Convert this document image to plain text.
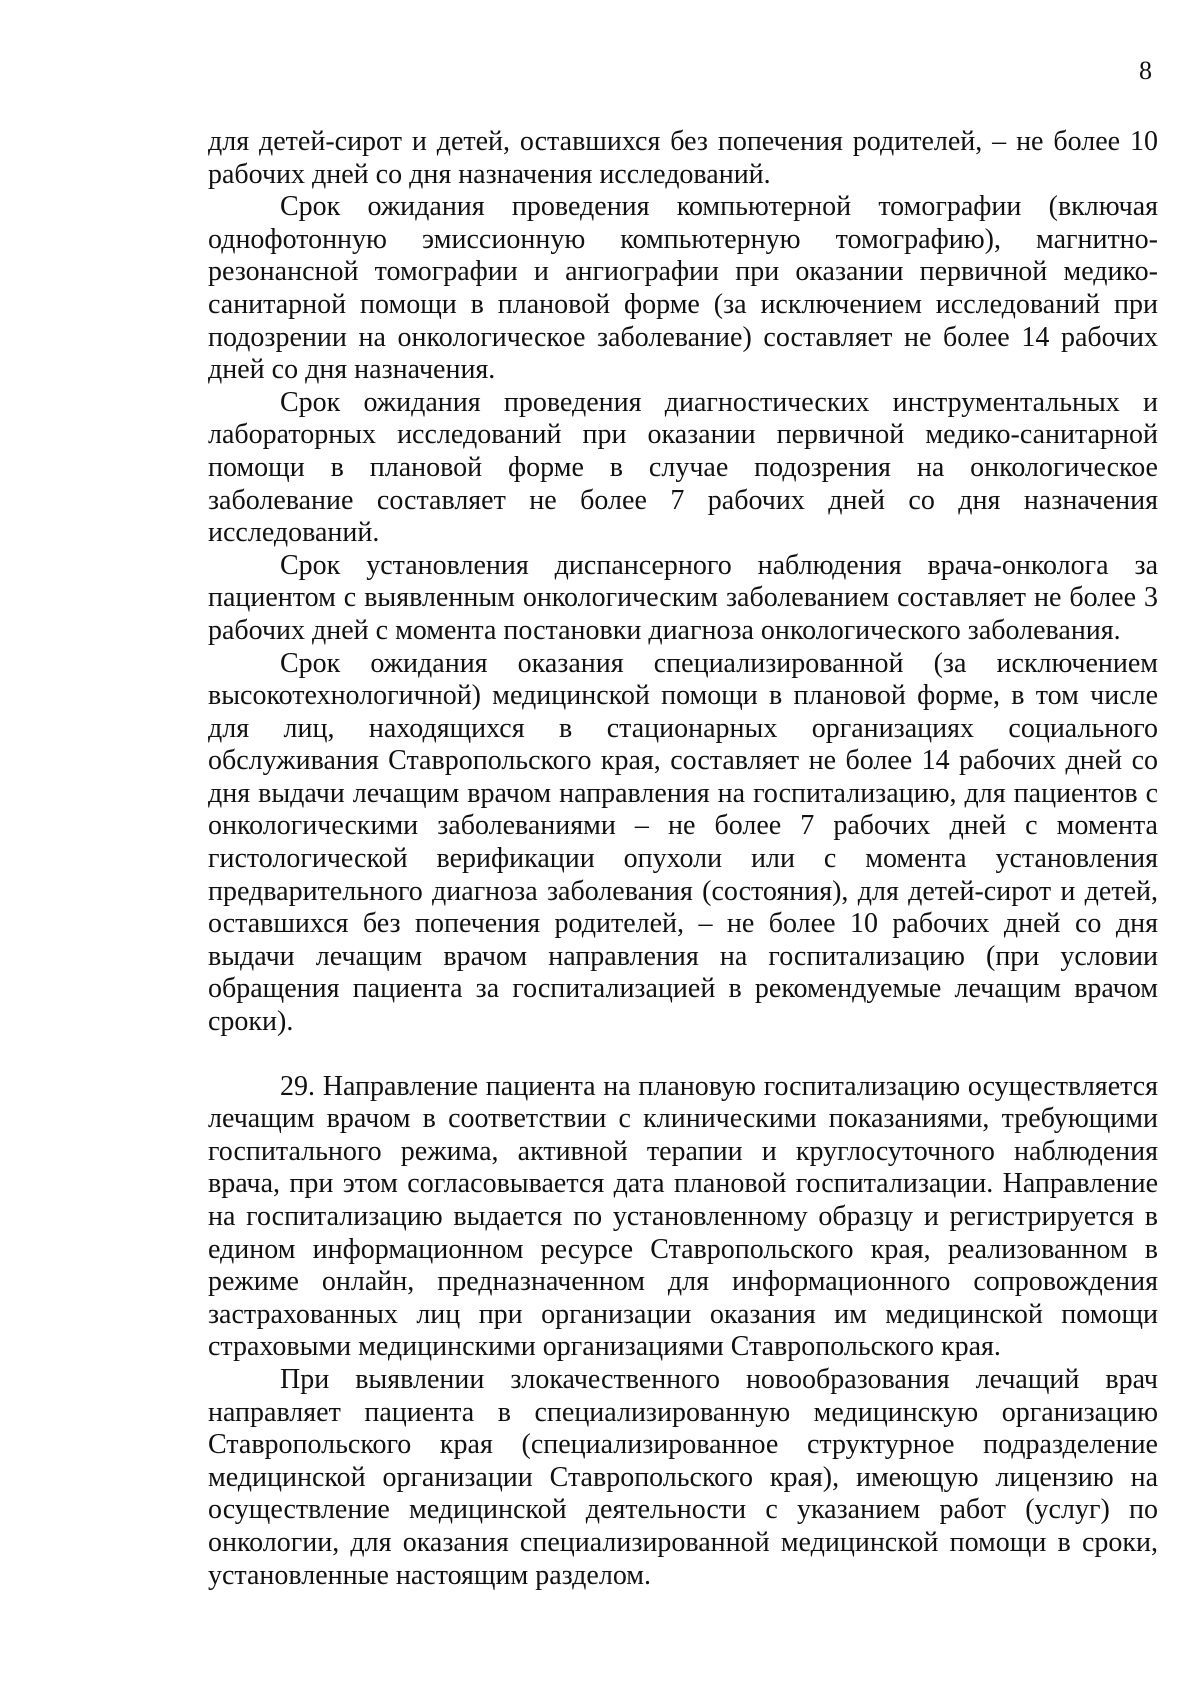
8

для детей-сирот и детей, оставшихся без попечения родителей, – не более 10 рабочих дней со дня назначения исследований.

Срок ожидания проведения компьютерной томографии (включая однофотонную эмиссионную компьютерную томографию), магнитно-резонансной томографии и ангиографии при оказании первичной медико-санитарной помощи в плановой форме (за исключением исследований при подозрении на онкологическое заболевание) составляет не более 14 рабочих дней со дня назначения.

Срок ожидания проведения диагностических инструментальных и лабораторных исследований при оказании первичной медико-санитарной помощи в плановой форме в случае подозрения на онкологическое заболевание составляет не более 7 рабочих дней со дня назначения исследований.

Срок установления диспансерного наблюдения врача-онколога за пациентом с выявленным онкологическим заболеванием составляет не более 3 рабочих дней с момента постановки диагноза онкологического заболевания.

Срок ожидания оказания специализированной (за исключением высокотехнологичной) медицинской помощи в плановой форме, в том числе для лиц, находящихся в стационарных организациях социального обслуживания Ставропольского края, составляет не более 14 рабочих дней со дня выдачи лечащим врачом направления на госпитализацию, для пациентов с онкологическими заболеваниями – не более 7 рабочих дней с момента гистологической верификации опухоли или с момента установления предварительного диагноза заболевания (состояния), для детей-сирот и детей, оставшихся без попечения родителей, – не более 10 рабочих дней со дня выдачи лечащим врачом направления на госпитализацию (при условии обращения пациента за госпитализацией в рекомендуемые лечащим врачом сроки).

29. Направление пациента на плановую госпитализацию осуществляется лечащим врачом в соответствии с клиническими показаниями, требующими госпитального режима, активной терапии и круглосуточного наблюдения врача, при этом согласовывается дата плановой госпитализации. Направление на госпитализацию выдается по установленному образцу и регистрируется в едином информационном ресурсе Ставропольского края, реализованном в режиме онлайн, предназначенном для информационного сопровождения застрахованных лиц при организации оказания им медицинской помощи страховыми медицинскими организациями Ставропольского края.

При выявлении злокачественного новообразования лечащий врач направляет пациента в специализированную медицинскую организацию Ставропольского края (специализированное структурное подразделение медицинской организации Ставропольского края), имеющую лицензию на осуществление медицинской деятельности с указанием работ (услуг) по онкологии, для оказания специализированной медицинской помощи в сроки, установленные настоящим разделом.
